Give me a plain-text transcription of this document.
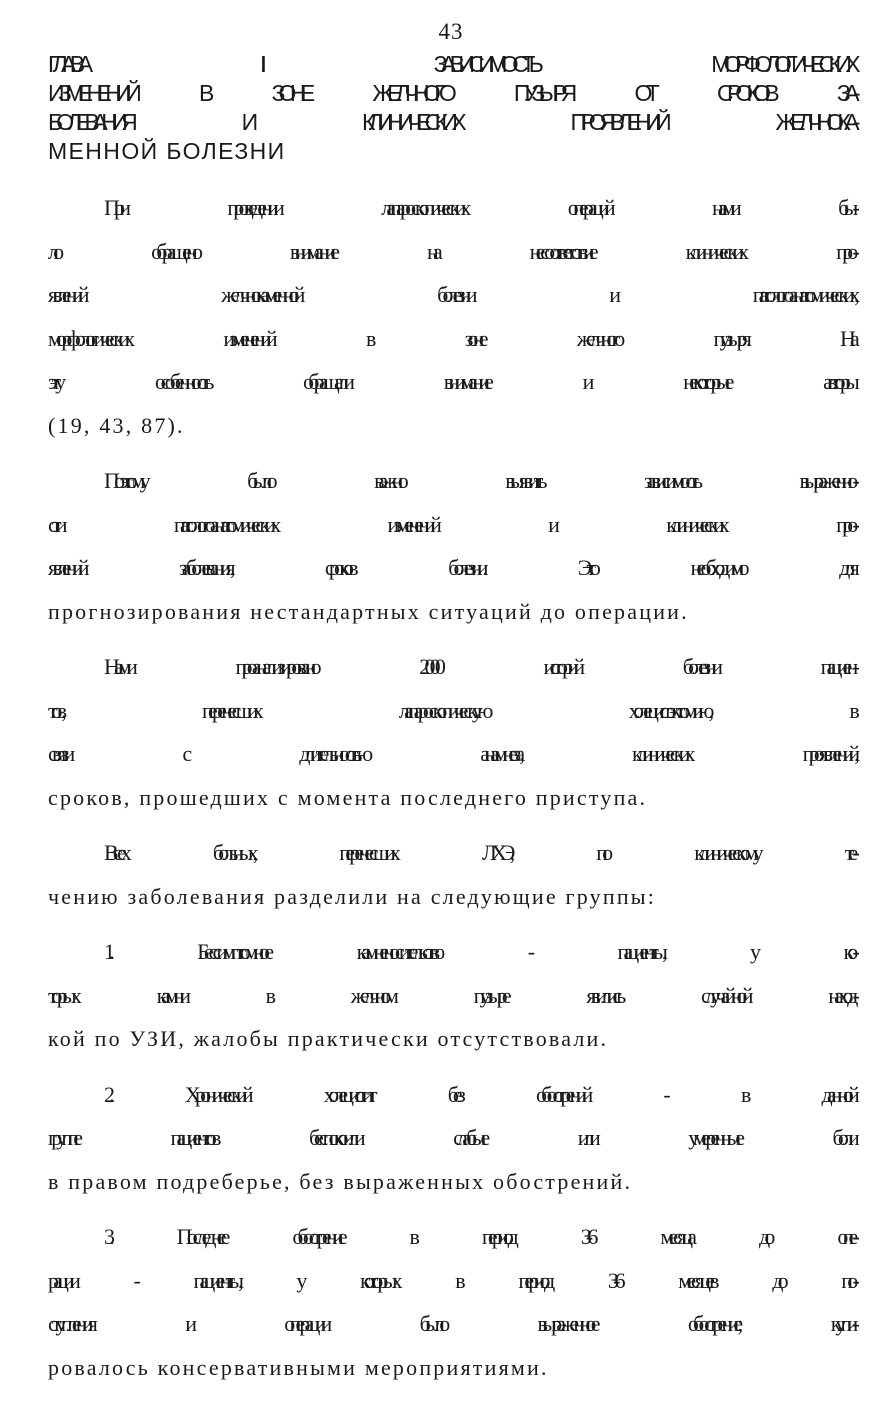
43
ГЛАВА III. ЗАВИСИМОСТЬ МОРФОЛОГИЧЕСКИХ
ИЗМЕНЕНИЙ В ЗОНЕ ЖЕЛЧНОГО ПУЗЫРЯ ОТ СРОКОВ ЗА-
БОЛЕВАНИЯ И КЛИНИЧЕСКИХ ПРОЯВЛЕНИЙ ЖЕЛЧНОКА-
МЕННОЙ БОЛЕЗНИ
При проведении лапароскопических операций нами бы-
ло обращено внимание на несоответствие клинических про-
явлений желчнокаменной болезни и патологоанатомических,
морфологических изменений в зоне желчного пузыря. На
эту особенность обращали внимание и некоторые авторы
(19, 43, 87).
Поэтому было важно выявить зависимость выраженно-
сти патологоанатомических изменений и клинических про-
явлений заболевания, сроков болезни. Это необходимо для
прогнозирования нестандартных ситуаций до операции.
Нами проанализировано 2000 историй болезни пациен-
тов, перенесших лапароскопическую холецистэктомию, в
связи с длительностью анамнеза, клинических проявлений,
сроков, прошедших с момента последнего приступа.
Всех больных, перенесших ЛХЭ, по клиническому те-
чению заболевания разделили на следующие группы:
1. Бессимптомное камненосительство - пациенты, у ко-
торых камни в желчном пузыре явились случайной наход-
кой по УЗИ, жалобы практически отсутствовали.
2. Хронический холецистит без обострений - в данной
группе пациентов беспокоили слабые или умеренные боли
в правом подреберье, без выраженных обострений.
3. Последнее обострение в период 3-6 месяца до опе-
рации - пациенты, у которых в период 3-6 месяцев до по-
ступления и операции было выраженное обострение; купи-
ровалось консервативными мероприятиями.
